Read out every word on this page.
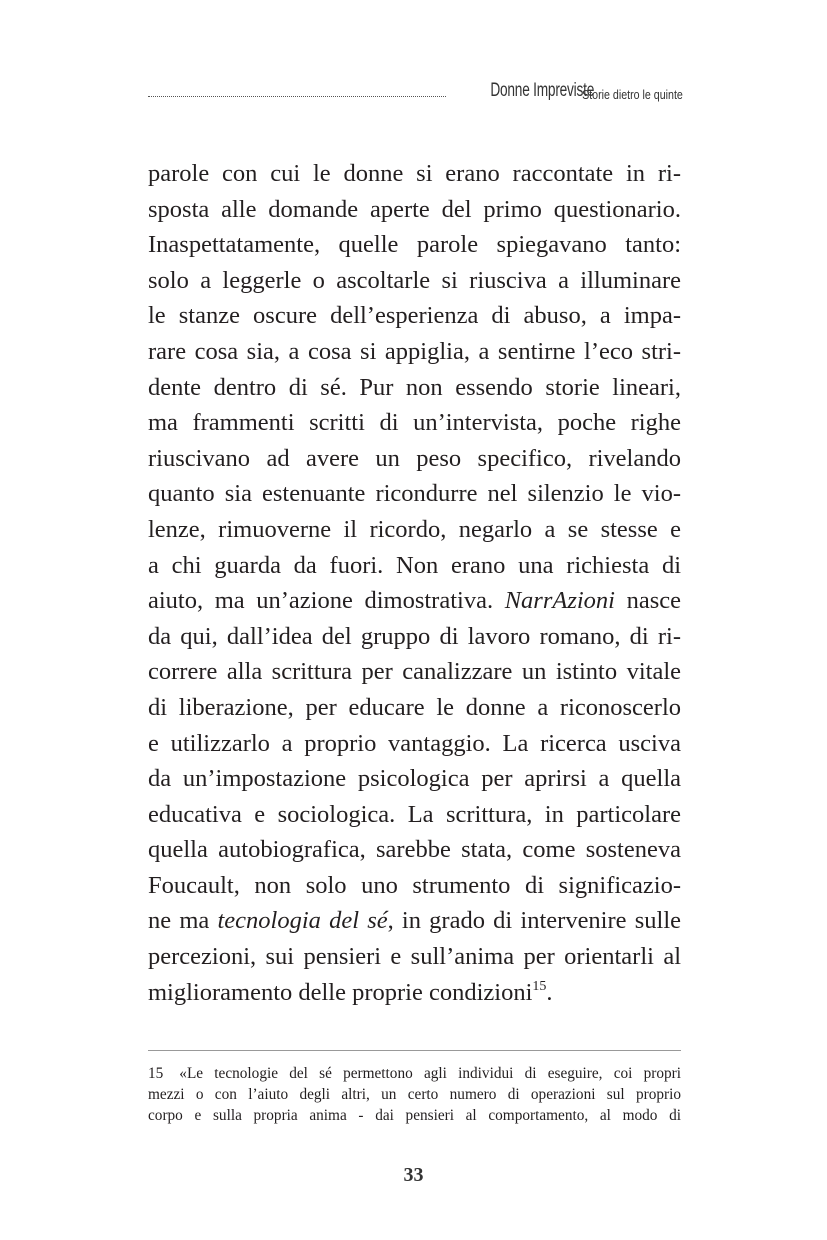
Donne Impreviste
Storie dietro le quinte
parole con cui le donne si erano raccontate in ri-
sposta alle domande aperte del primo questionario.
Inaspettatamente, quelle parole spiegavano tanto:
solo a leggerle o ascoltarle si riusciva a illuminare
le stanze oscure dell’esperienza di abuso, a impa-
rare cosa sia, a cosa si appiglia, a sentirne l’eco stri-
dente dentro di sé. Pur non essendo storie lineari,
ma frammenti scritti di un’intervista, poche righe
riuscivano ad avere un peso specifico, rivelando
quanto sia estenuante ricondurre nel silenzio le vio-
lenze, rimuoverne il ricordo, negarlo a se stesse e
a chi guarda da fuori. Non erano una richiesta di
aiuto, ma un’azione dimostrativa. NarrAzioni nasce
da qui, dall’idea del gruppo di lavoro romano, di ri-
correre alla scrittura per canalizzare un istinto vitale
di liberazione, per educare le donne a riconoscerlo
e utilizzarlo a proprio vantaggio. La ricerca usciva
da un’impostazione psicologica per aprirsi a quella
educativa e sociologica. La scrittura, in particolare
quella autobiografica, sarebbe stata, come sosteneva
Foucault, non solo uno strumento di significazio-
ne ma tecnologia del sé, in grado di intervenire sulle
percezioni, sui pensieri e sull’anima per orientarli al
miglioramento delle proprie condizioni$^{15}$.
15 «Le tecnologie del sé permettono agli individui di eseguire, coi propri
mezzi o con l’aiuto degli altri, un certo numero di operazioni sul proprio
corpo e sulla propria anima - dai pensieri al comportamento, al modo di
33
